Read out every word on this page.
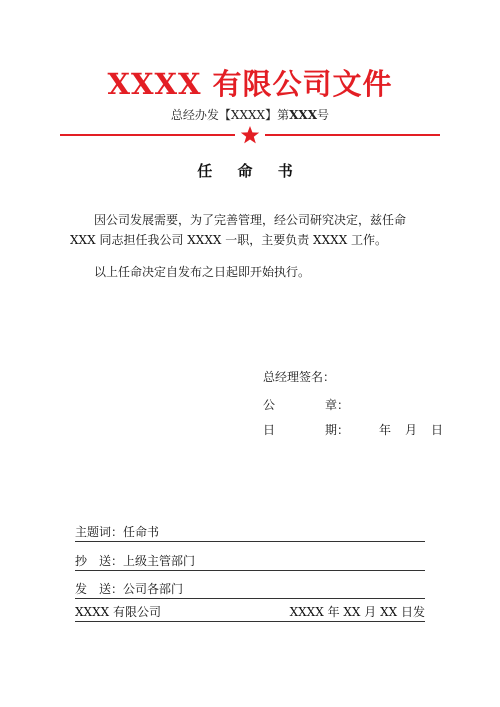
XXXX 有限公司文件
总经办发【XXXX】第XXX号
任 命 书
因公司发展需要，为了完善管理，经公司研究决定，兹任命 XXX 同志担任我公司 XXXX 一职，主要负责 XXXX 工作。
以上任命决定自发布之日起即开始执行。
总经理签名：
公	章：
日	期：	年 月 日
主题词：任命书
抄　送：上级主管部门
发　送：公司各部门
XXXX 有限公司	XXXX 年 XX 月 XX 日发
